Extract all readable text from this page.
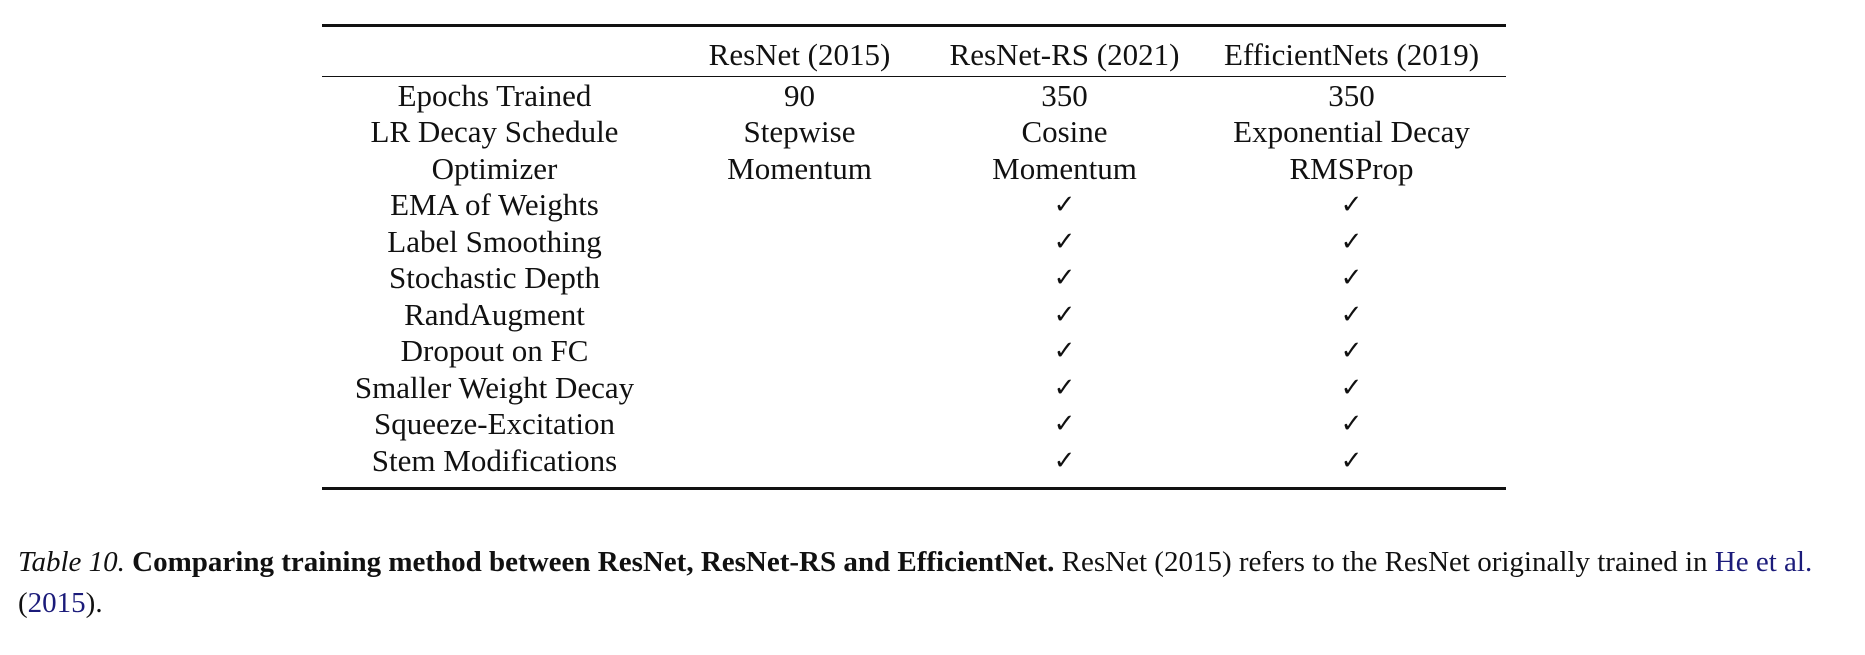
	ResNet (2015)	ResNet-RS (2021)	EfficientNets (2019)
Epochs Trained	90	350	350
LR Decay Schedule	Stepwise	Cosine	Exponential Decay
Optimizer	Momentum	Momentum	RMSProp
EMA of Weights		✓	✓
Label Smoothing		✓	✓
Stochastic Depth		✓	✓
RandAugment		✓	✓
Dropout on FC		✓	✓
Smaller Weight Decay		✓	✓
Squeeze-Excitation		✓	✓
Stem Modifications		✓	✓
Table 10. Comparing training method between ResNet, ResNet-RS and EfficientNet. ResNet (2015) refers to the ResNet originally trained in He et al.(2015).
